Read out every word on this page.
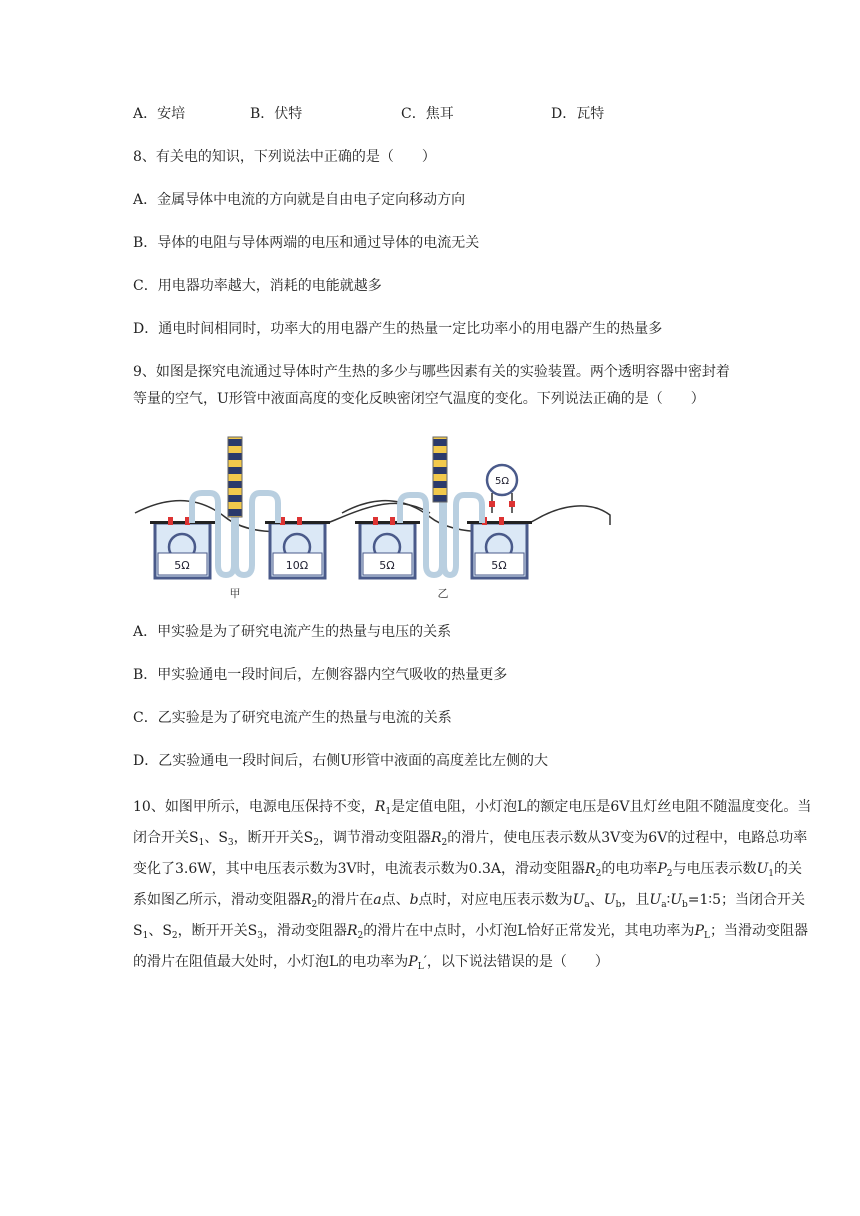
A．安培	B．伏特	C．焦耳	D．瓦特
8、有关电的知识，下列说法中正确的是（　　）
A．金属导体中电流的方向就是自由电子定向移动方向
B．导体的电阻与导体两端的电压和通过导体的电流无关
C．用电器功率越大，消耗的电能就越多
D．通电时间相同时，功率大的用电器产生的热量一定比功率小的用电器产生的热量多
9、如图是探究电流通过导体时产生热的多少与哪些因素有关的实验装置。两个透明容器中密封着
等量的空气，U形管中液面高度的变化反映密闭空气温度的变化。下列说法正确的是（　　）
5Ω	10Ω
甲
5Ω	5Ω
5Ω
乙
A．甲实验是为了研究电流产生的热量与电压的关系
B．甲实验通电一段时间后，左侧容器内空气吸收的热量更多
C．乙实验是为了研究电流产生的热量与电流的关系
D．乙实验通电一段时间后，右侧U形管中液面的高度差比左侧的大
10、如图甲所示，电源电压保持不变，$R_1$是定值电阻，小灯泡L的额定电压是6V且灯丝电阻不随温度变化。当闭合开关$S_1$、$S_3$，断开开关$S_2$，调节滑动变阻器$R_2$的滑片，使电压表示数从3V变为6V的过程中，电路总功率变化了3.6W，其中电压表示数为3V时，电流表示数为0.3A，滑动变阻器$R_2$的电功率$P_2$与电压表示数$U_1$的关系如图乙所示，滑动变阻器$R_2$的滑片在a点、b点时，对应电压表示数为$U_a$、$U_b$，且$U_a∶U_b=1∶5$；当闭合开关$S_1$、$S_2$，断开开关$S_3$，滑动变阻器$R_2$的滑片在中点时，小灯泡L恰好正常发光，其电功率为$P_L$；当滑动变阻器的滑片在阻值最大处时，小灯泡L的电功率为$P_L'$，以下说法错误的是（　　）
